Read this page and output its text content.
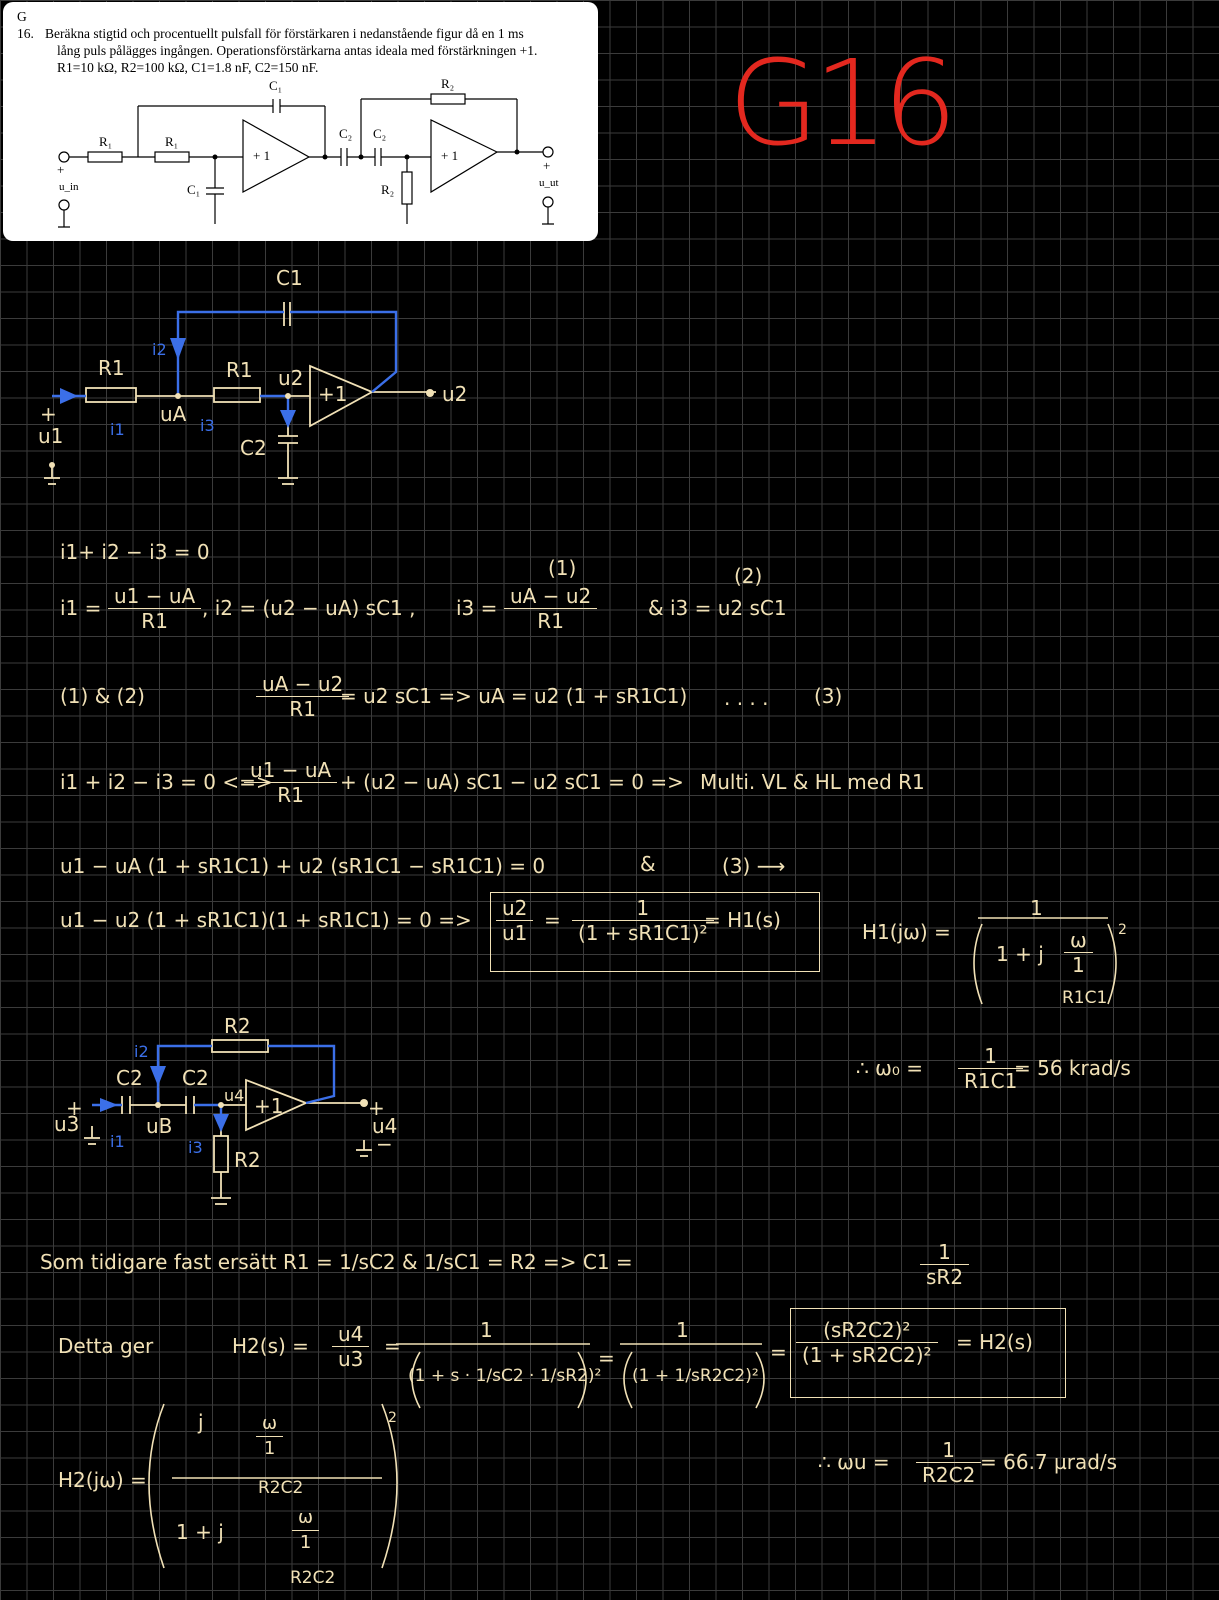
G 16. Beräkna stigtid och procentuellt pulsfall för förstärkaren i nedanstående figur då en 1 ms
lång puls pålägges ingången. Operationsförstärkarna antas ideala med förstärkningen +1.
R1=10 kΩ, R2=100 kΩ, C1=1.8 nF, C2=150 nF.
C₁	R₂
R₁	R₁
C₂ C₂
+ 1	+ 1
C₁	R₂
+
u_in
+
u_ut
G16
C1
R1	R1 u2
+1	u2
uA
i1
i2
i3
C2
+
u1
i1+ i2 − i3 = 0
(1)	(2)
$i1 = \frac{u1 - uA}{R1}$ , i2 = (u2 − uA) sC1 , $i3 = \frac{uA - u2}{R1}$	& i3 = u2 sC1
(1) & (2)	$\frac{uA - u2}{R1}$
= u2 sC1 => uA = u2 (1 + sR1C1) . . . . (3)
i1 + i2 − i3 = 0 <=>
$\frac{u1 - uA}{R1} + (u2 - uA) sC1 - u2$ sC1 = 0 => Multi. VL & HL med R1
u1 − uA (1 + sR1C1) + u2 (sR1C1 − sR1C1) = 0	&	(3) ⟶
u1 − u2 $(1 + sR1C1)(1 + sR1C1) = 0 => \frac{u2}{u1} = \frac{1}{\text{(1 + sR1C1)²}}$
= H1(s)	H1(jω) =
1
1 + j $\frac{\omega}{1}$
R1C1
2
∴ $\omega_0 = \frac{1}{R1C1}$
= 56 krad/s
R2
i2
C2 C2
u4 +1
+	+
u3	uB
i1	i3
R2
u4
−
Som tidigare fast ersätt R1 = 1/sC2 & 1/sC1 = R2 => C1 =	$\frac{1}{sR2}$
Detta ger	$H2(s) = \frac{u4}{u3}$ =
1
(1 + s · 1/sC2 · 1/sR2)²
=
1
(1 + 1/sR2C2)²
= $\frac{\text{(sR2C2)²}}{\text{(1 + sR2C2)²}} = H2(s)$
H2(jω) =
j	$\frac{\omega}{1}$
R2C2
1 + j	$\frac{\omega}{1}$
R2C2
2
∴ $\omega u = \frac{1}{R2C2}$
= 66.7 µrad/s
